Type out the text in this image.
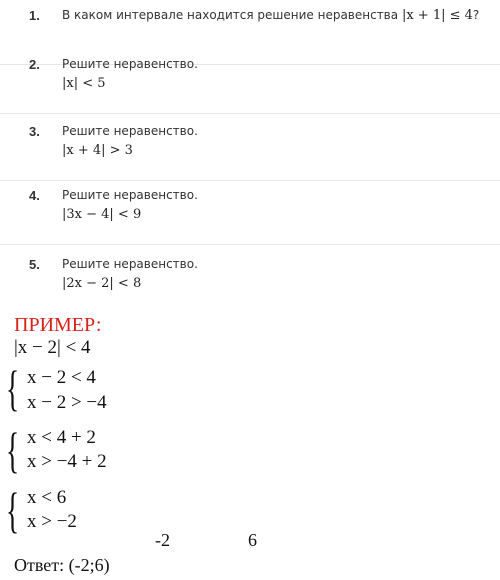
1. В каком интервале находится решение неравенства |x + 1| ≤ 4?
2. Решите неравенство.
|x| < 5
3. Решите неравенство.
|x + 4| > 3
4. Решите неравенство.
|3x − 4| < 9
5. Решите неравенство.
|2x − 2| < 8
ПРИМЕР:
|x − 2| < 4
{ x − 2 < 4
x − 2 > −4
{ x < 4 + 2
x > −4 + 2
{ x < 6
x > −2
-2	6
Ответ: (-2;6)
